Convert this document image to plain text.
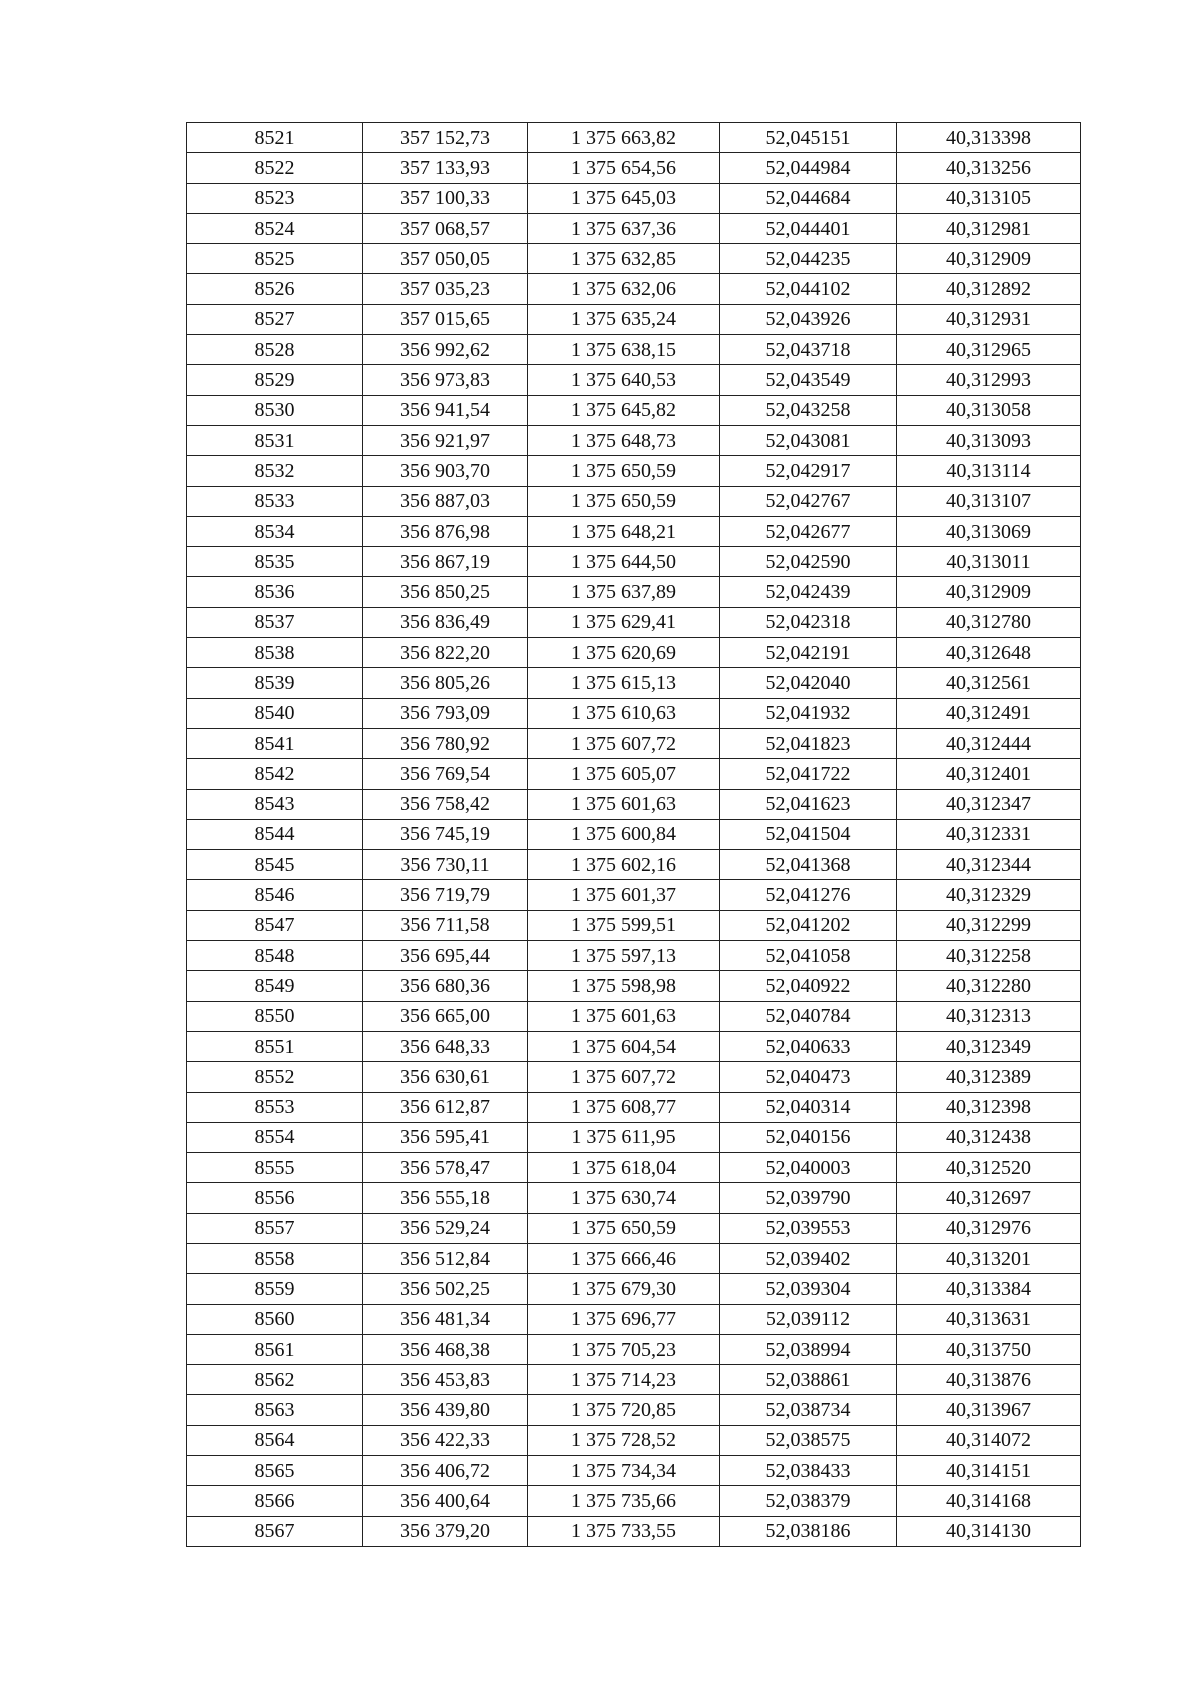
8521	357 152,73	1 375 663,82	52,045151	40,313398
8522	357 133,93	1 375 654,56	52,044984	40,313256
8523	357 100,33	1 375 645,03	52,044684	40,313105
8524	357 068,57	1 375 637,36	52,044401	40,312981
8525	357 050,05	1 375 632,85	52,044235	40,312909
8526	357 035,23	1 375 632,06	52,044102	40,312892
8527	357 015,65	1 375 635,24	52,043926	40,312931
8528	356 992,62	1 375 638,15	52,043718	40,312965
8529	356 973,83	1 375 640,53	52,043549	40,312993
8530	356 941,54	1 375 645,82	52,043258	40,313058
8531	356 921,97	1 375 648,73	52,043081	40,313093
8532	356 903,70	1 375 650,59	52,042917	40,313114
8533	356 887,03	1 375 650,59	52,042767	40,313107
8534	356 876,98	1 375 648,21	52,042677	40,313069
8535	356 867,19	1 375 644,50	52,042590	40,313011
8536	356 850,25	1 375 637,89	52,042439	40,312909
8537	356 836,49	1 375 629,41	52,042318	40,312780
8538	356 822,20	1 375 620,69	52,042191	40,312648
8539	356 805,26	1 375 615,13	52,042040	40,312561
8540	356 793,09	1 375 610,63	52,041932	40,312491
8541	356 780,92	1 375 607,72	52,041823	40,312444
8542	356 769,54	1 375 605,07	52,041722	40,312401
8543	356 758,42	1 375 601,63	52,041623	40,312347
8544	356 745,19	1 375 600,84	52,041504	40,312331
8545	356 730,11	1 375 602,16	52,041368	40,312344
8546	356 719,79	1 375 601,37	52,041276	40,312329
8547	356 711,58	1 375 599,51	52,041202	40,312299
8548	356 695,44	1 375 597,13	52,041058	40,312258
8549	356 680,36	1 375 598,98	52,040922	40,312280
8550	356 665,00	1 375 601,63	52,040784	40,312313
8551	356 648,33	1 375 604,54	52,040633	40,312349
8552	356 630,61	1 375 607,72	52,040473	40,312389
8553	356 612,87	1 375 608,77	52,040314	40,312398
8554	356 595,41	1 375 611,95	52,040156	40,312438
8555	356 578,47	1 375 618,04	52,040003	40,312520
8556	356 555,18	1 375 630,74	52,039790	40,312697
8557	356 529,24	1 375 650,59	52,039553	40,312976
8558	356 512,84	1 375 666,46	52,039402	40,313201
8559	356 502,25	1 375 679,30	52,039304	40,313384
8560	356 481,34	1 375 696,77	52,039112	40,313631
8561	356 468,38	1 375 705,23	52,038994	40,313750
8562	356 453,83	1 375 714,23	52,038861	40,313876
8563	356 439,80	1 375 720,85	52,038734	40,313967
8564	356 422,33	1 375 728,52	52,038575	40,314072
8565	356 406,72	1 375 734,34	52,038433	40,314151
8566	356 400,64	1 375 735,66	52,038379	40,314168
8567	356 379,20	1 375 733,55	52,038186	40,314130
